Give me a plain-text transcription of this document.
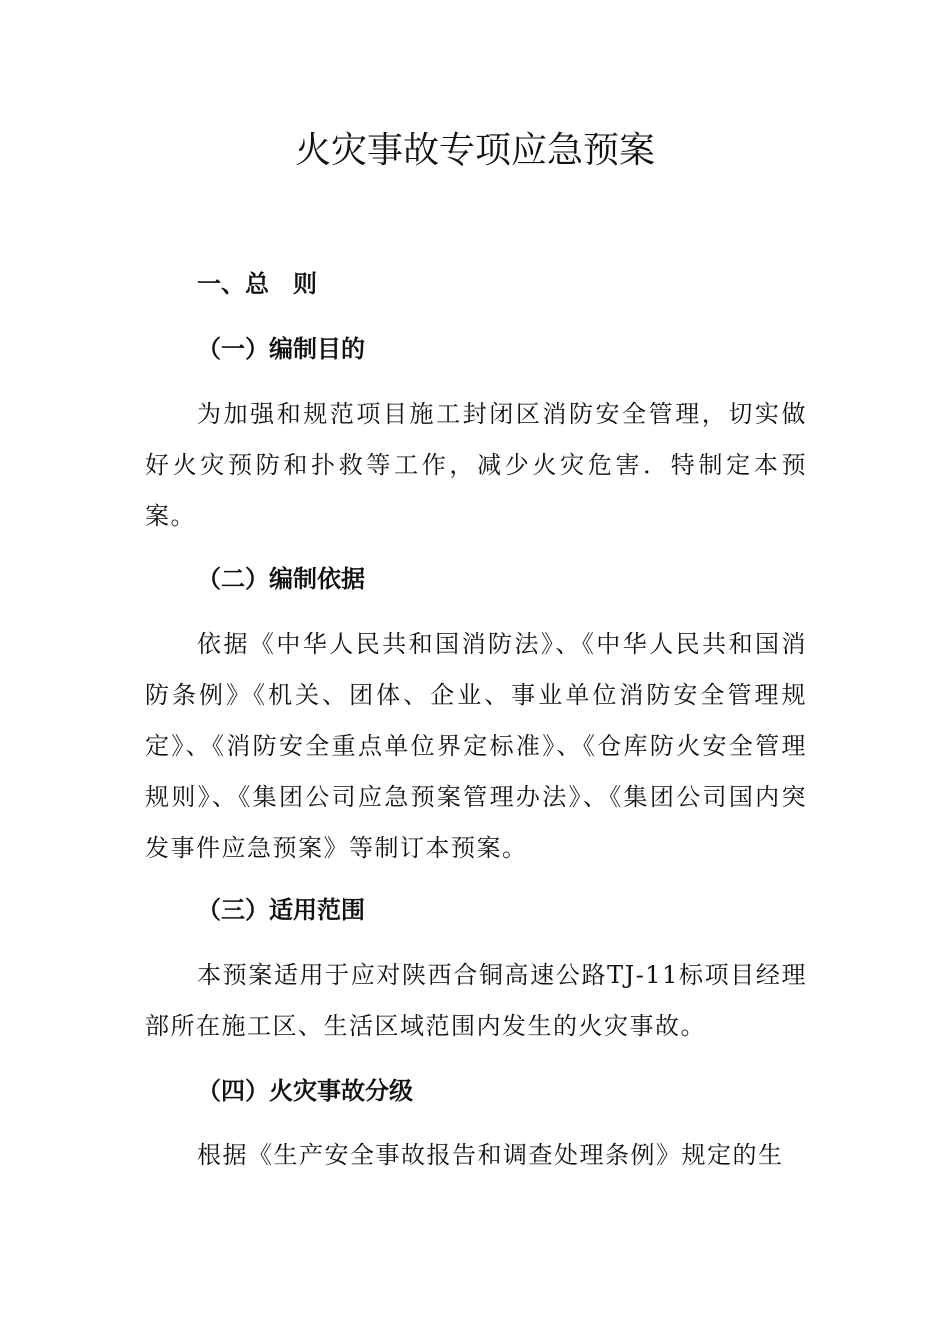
火灾事故专项应急预案
一、总　则
（一）编制目的

为加强和规范项目施工封闭区消防安全管理，切实做好火灾预防和扑救等工作，减少火灾危害．特制定本预案。

（二）编制依据

依据《中华人民共和国消防法》、《中华人民共和国消防条例》《机关、团体、企业、事业单位消防安全管理规定》、《消防安全重点单位界定标准》、《仓库防火安全管理规则》、《集团公司应急预案管理办法》、《集团公司国内突发事件应急预案》等制订本预案。

（三）适用范围

本预案适用于应对陕西合铜高速公路TJ-11标项目经理部所在施工区、生活区域范围内发生的火灾事故。

（四）火灾事故分级

根据《生产安全事故报告和调查处理条例》规定的生
